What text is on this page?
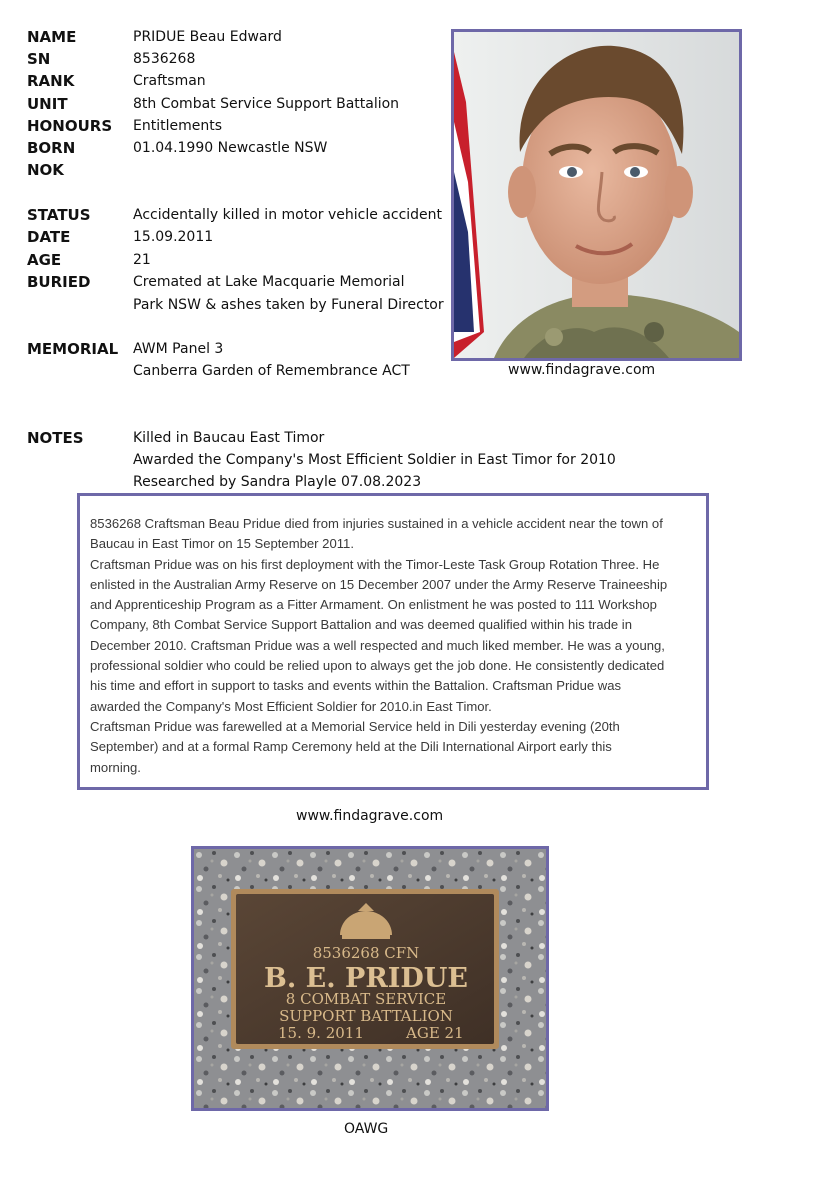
NAME	PRIDUE Beau Edward
SN	8536268
RANK	Craftsman
UNIT	8th Combat Service Support Battalion
HONOURS Entitlements
BORN	01.04.1990 Newcastle NSW
NOK
STATUS	Accidentally killed in motor vehicle accident
DATE	15.09.2011
AGE	21
BURIED	Cremated at Lake Macquarie Memorial
Park NSW & ashes taken by Funeral Director
MEMORIAL AWM Panel 3
Canberra Garden of Remembrance ACT
NOTES	Killed in Baucau East Timor
Awarded the Company's Most Efficient Soldier in East Timor for 2010
Researched by Sandra Playle 07.08.2023
www.findagrave.com

8536268 Craftsman Beau Pridue died from injuries sustained in a vehicle accident near the town of

Baucau in East Timor on 15 September 2011.

Craftsman Pridue was on his first deployment with the Timor-Leste Task Group Rotation Three. He

enlisted in the Australian Army Reserve on 15 December 2007 under the Army Reserve Traineeship

and Apprenticeship Program as a Fitter Armament. On enlistment he was posted to 111 Workshop

Company, 8th Combat Service Support Battalion and was deemed qualified within his trade in

December 2010. Craftsman Pridue was a well respected and much liked member. He was a young,

professional soldier who could be relied upon to always get the job done. He consistently dedicated

his time and effort in support to tasks and events within the Battalion. Craftsman Pridue was

awarded the Company's Most Efficient Soldier for 2010.in East Timor.

Craftsman Pridue was farewelled at a Memorial Service held in Dili yesterday evening (20th

September) and at a formal Ramp Ceremony held at the Dili International Airport early this

morning.

www.findagrave.com
8536268 CFN
B. E. PRIDUE
8 COMBAT SERVICE
SUPPORT BATTALION
15. 9. 2011	AGE 21
OAWG
